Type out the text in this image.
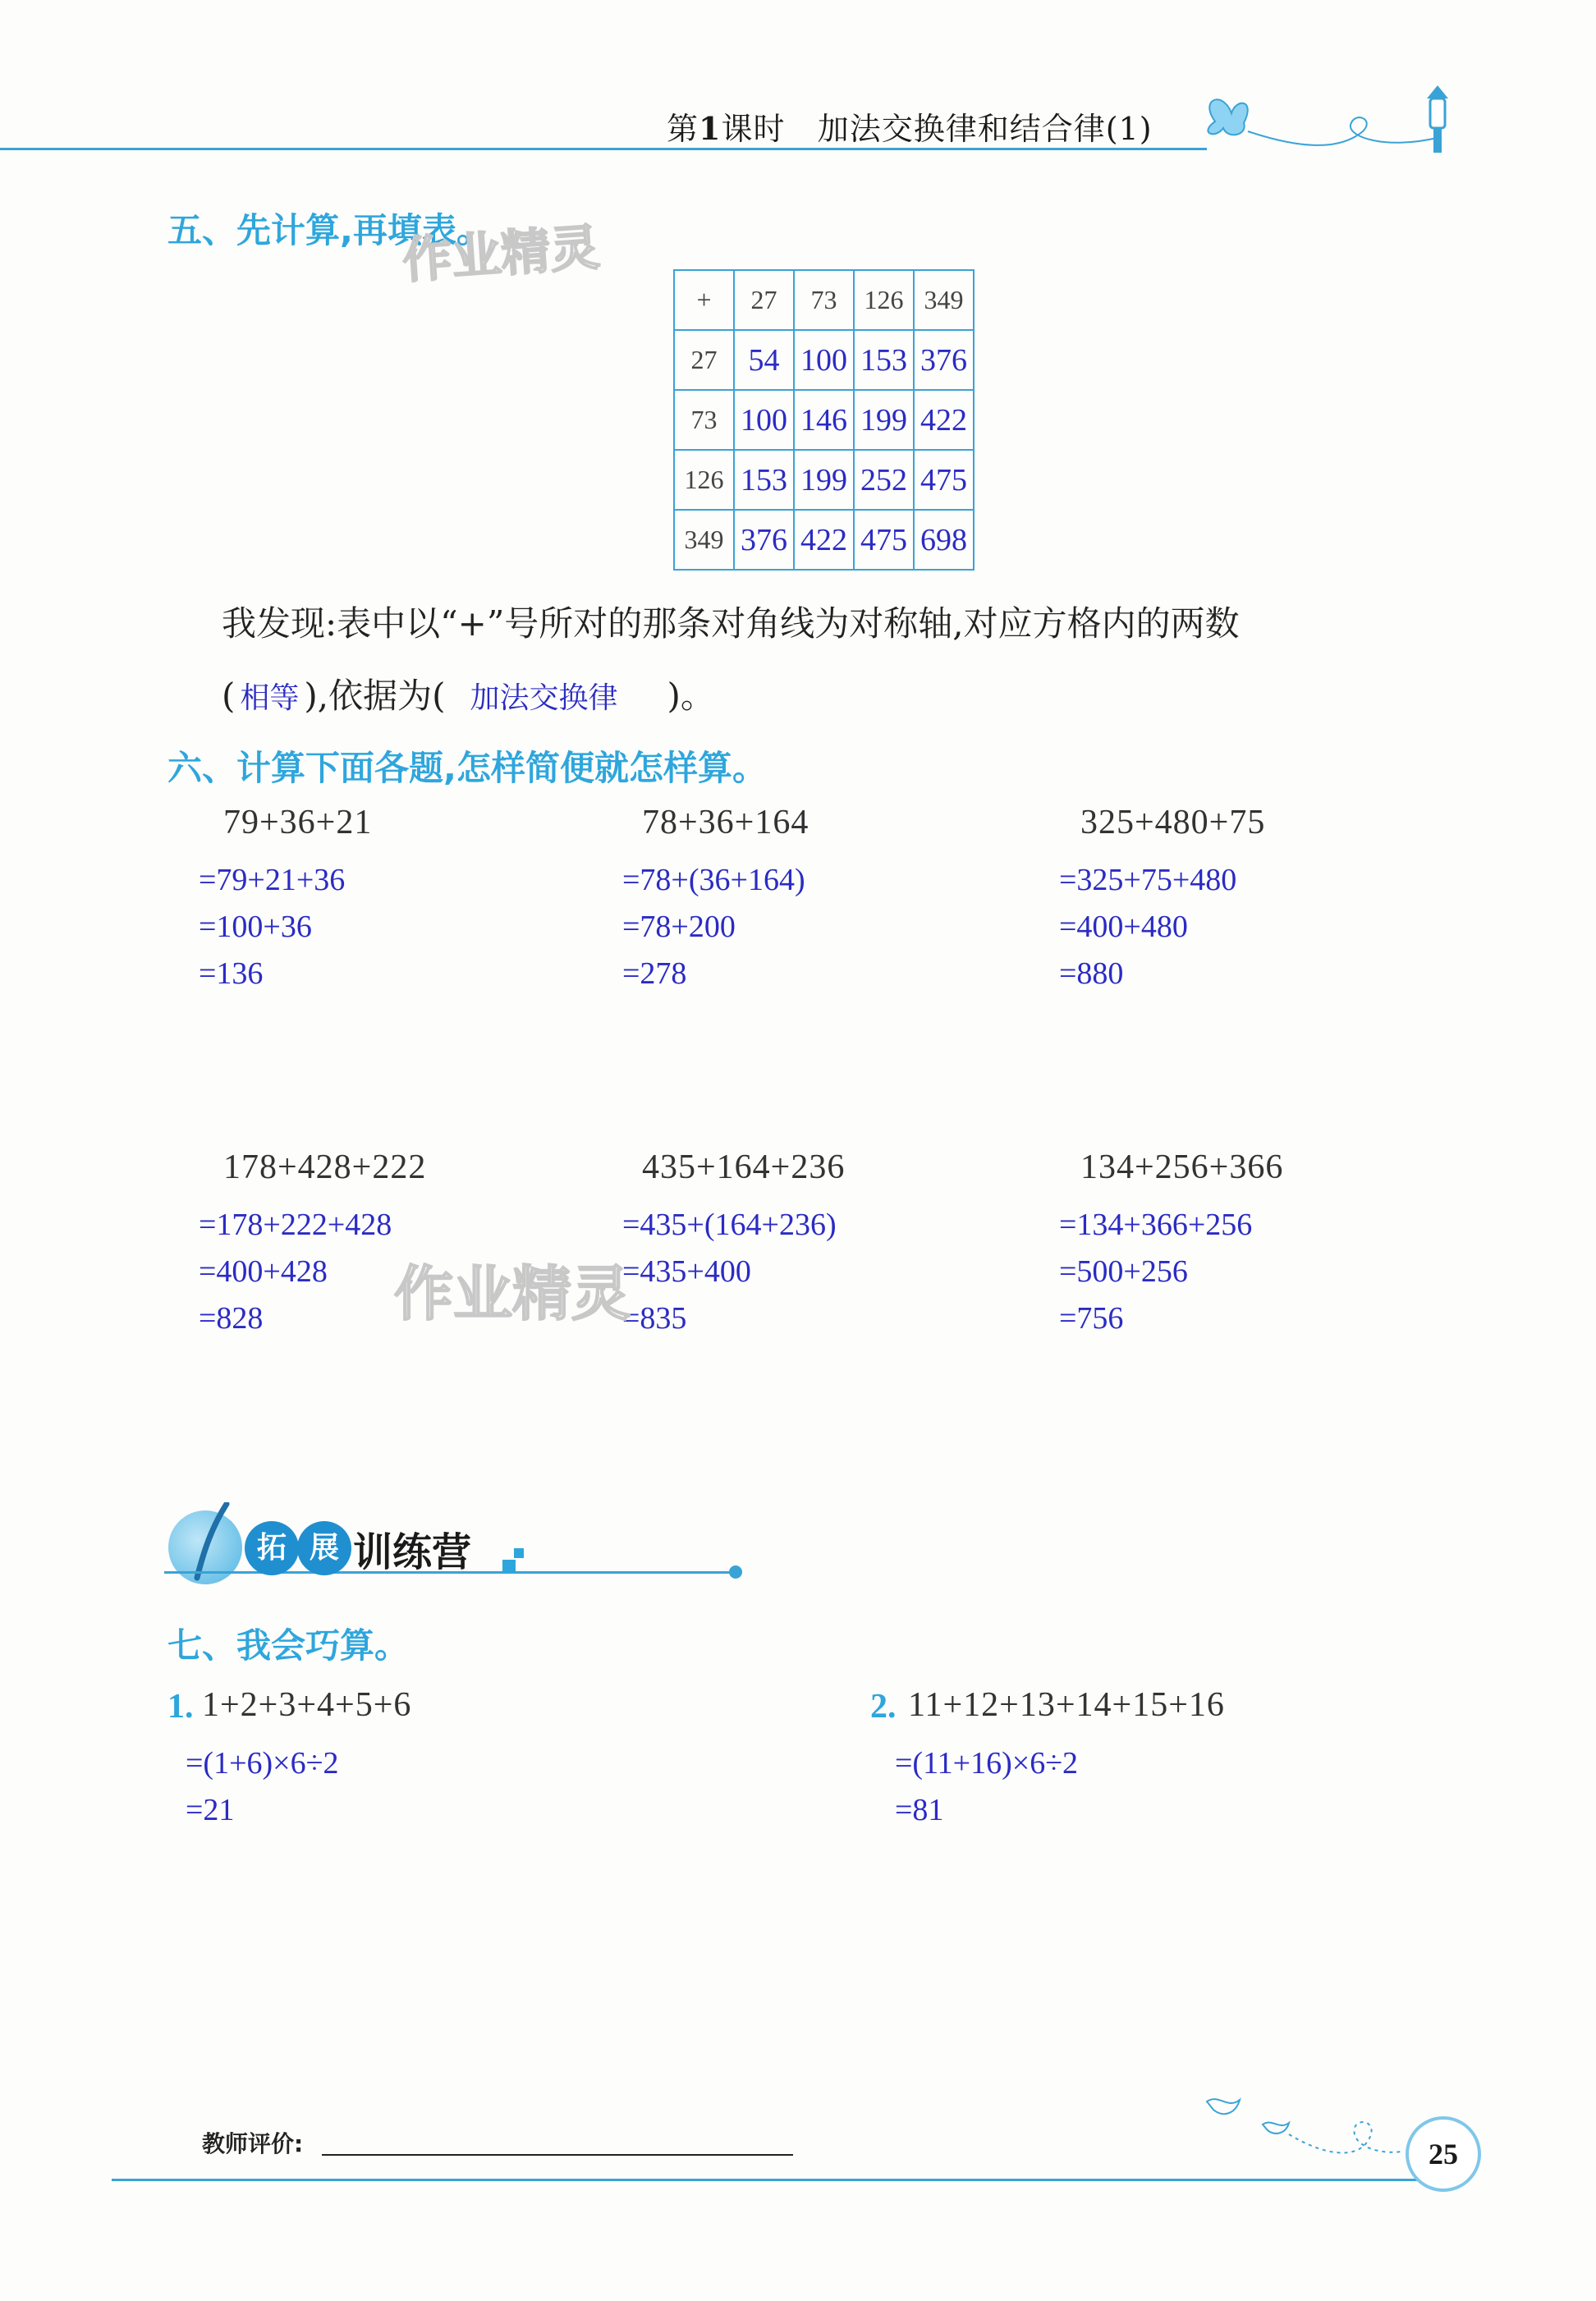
第1课时 加法交换律和结合律(1)
五、先计算,再填表。
作业精灵
+	27	73	126	349
27	54	100	153	376
73	100	146	199	422
126	153	199	252	475
349	376	422	475	698
我发现:表中以“+”号所对的那条对角线为对称轴,对应方格内的两数
( 相等 ),依据为( 加法交换律 )。
六、计算下面各题,怎样简便就怎样算。
79+36+21
=79+21+36
=100+36
=136
78+36+164
=78+(36+164)
=78+200
=278
325+480+75
=325+75+480
=400+480
=880
178+428+222
=178+222+428
=400+428
=828
435+164+236
=435+(164+236)
=435+400
=835
134+256+366
=134+366+256
=500+256
=756
作业精灵
拓 展 训练营
七、我会巧算。
1. 1+2+3+4+5+6
=(1+6)×6÷2
=21
2. 11+12+13+14+15+16
=(11+16)×6÷2
=81
教师评价:	25
